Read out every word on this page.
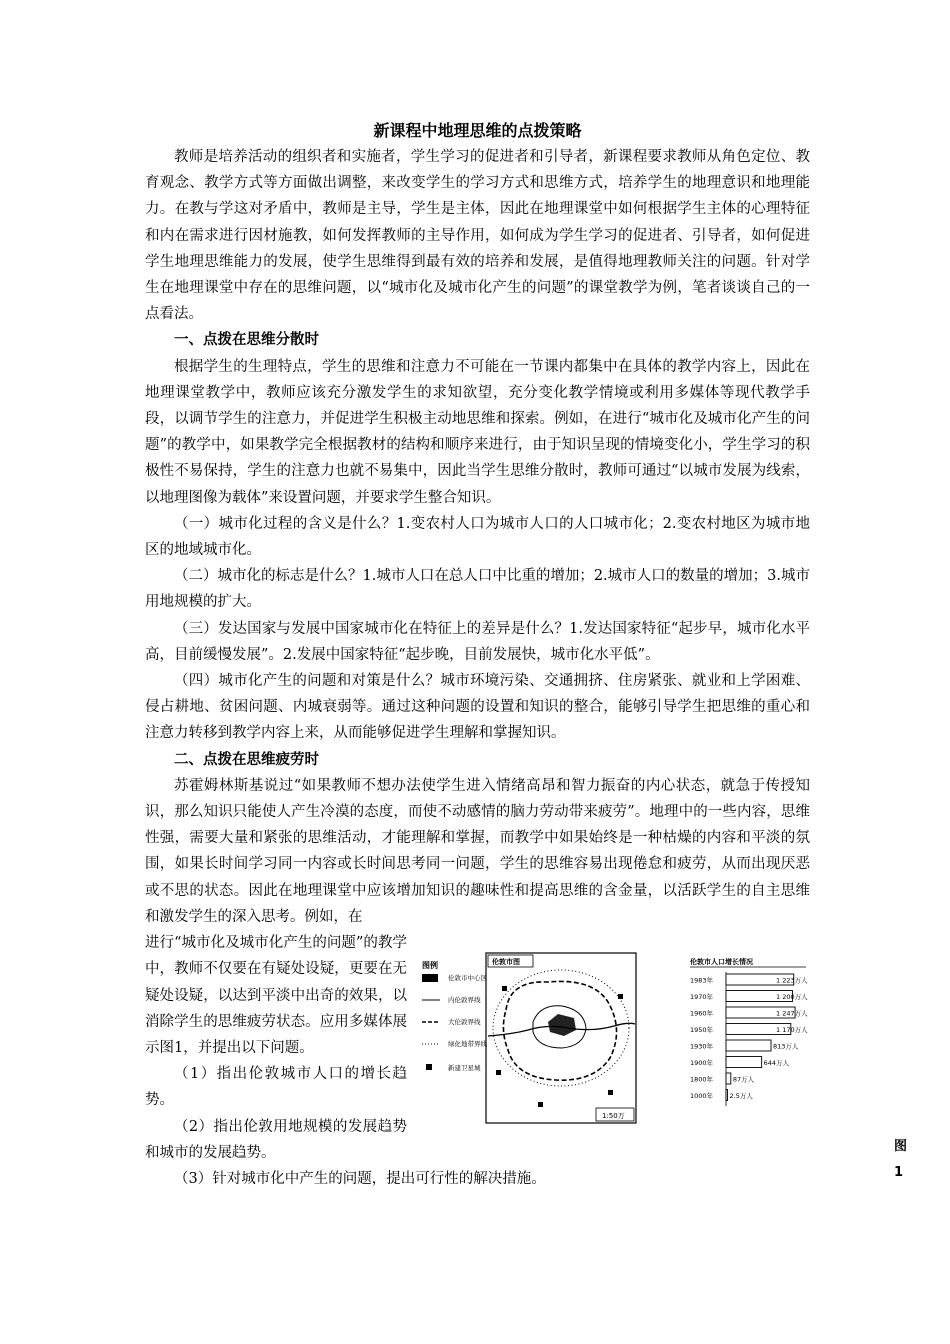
新课程中地理思维的点拨策略

教师是培养活动的组织者和实施者，学生学习的促进者和引导者，新课程要求教师从角色定位、教育观念、教学方式等方面做出调整，来改变学生的学习方式和思维方式，培养学生的地理意识和地理能力。在教与学这对矛盾中，教师是主导，学生是主体，因此在地理课堂中如何根据学生主体的心理特征和内在需求进行因材施教，如何发挥教师的主导作用，如何成为学生学习的促进者、引导者，如何促进学生地理思维能力的发展，使学生思维得到最有效的培养和发展，是值得地理教师关注的问题。针对学生在地理课堂中存在的思维问题，以“城市化及城市化产生的问题”的课堂教学为例，笔者谈谈自己的一点看法。

一、点拨在思维分散时

根据学生的生理特点，学生的思维和注意力不可能在一节课内都集中在具体的教学内容上，因此在地理课堂教学中，教师应该充分激发学生的求知欲望，充分变化教学情境或利用多媒体等现代教学手段，以调节学生的注意力，并促进学生积极主动地思维和探索。例如，在进行“城市化及城市化产生的问题”的教学中，如果教学完全根据教材的结构和顺序来进行，由于知识呈现的情境变化小，学生学习的积极性不易保持，学生的注意力也就不易集中，因此当学生思维分散时，教师可通过“以城市发展为线索，以地理图像为载体”来设置问题，并要求学生整合知识。

（一）城市化过程的含义是什么？1.变农村人口为城市人口的人口城市化；2.变农村地区为城市地区的地域城市化。

（二）城市化的标志是什么？1.城市人口在总人口中比重的增加；2.城市人口的数量的增加；3.城市用地规模的扩大。

（三）发达国家与发展中国家城市化在特征上的差异是什么？1.发达国家特征“起步早，城市化水平高，目前缓慢发展”。2.发展中国家特征“起步晚，目前发展快，城市化水平低”。

（四）城市化产生的问题和对策是什么？城市环境污染、交通拥挤、住房紧张、就业和上学困难、侵占耕地、贫困问题、内城衰弱等。通过这种问题的设置和知识的整合，能够引导学生把思维的重心和注意力转移到教学内容上来，从而能够促进学生理解和掌握知识。

二、点拨在思维疲劳时

苏霍姆林斯基说过“如果教师不想办法使学生进入情绪高昂和智力振奋的内心状态，就急于传授知识，那么知识只能使人产生冷漠的态度，而使不动感情的脑力劳动带来疲劳”。地理中的一些内容，思维性强，需要大量和紧张的思维活动，才能理解和掌握，而教学中如果始终是一种枯燥的内容和平淡的氛围，如果长时间学习同一内容或长时间思考同一问题，学生的思维容易出现倦怠和疲劳，从而出现厌恶或不思的状态。因此在地理课堂中应该增加知识的趣味性和提高思维的含金量，以活跃学生的自主思维和激发学生的深入思考。例如，在

进行“城市化及城市化产生的问题”的教学中，教师不仅要在有疑处设疑，更要在无疑处设疑，以达到平淡中出奇的效果，以消除学生的思维疲劳状态。应用多媒体展示图1，并提出以下问题。

（1）指出伦敦城市人口的增长趋势。

（2）指出伦敦用地规模的发展趋势和城市的发展趋势。

图例
伦敦市中心区
内伦敦界线
大伦敦界线
绿化地带界线
新建卫星城
伦敦市图
1:50万
伦敦市人口增长情况
1983年	1 223万人
1970年	1 200万人
1960年	1 247万人
1950年	1 170万人
1930年	813万人
1900年	644万人
1800年	87万人
1000年	2.5万人
图1

（3）针对城市化中产生的问题，提出可行性的解决措施。
